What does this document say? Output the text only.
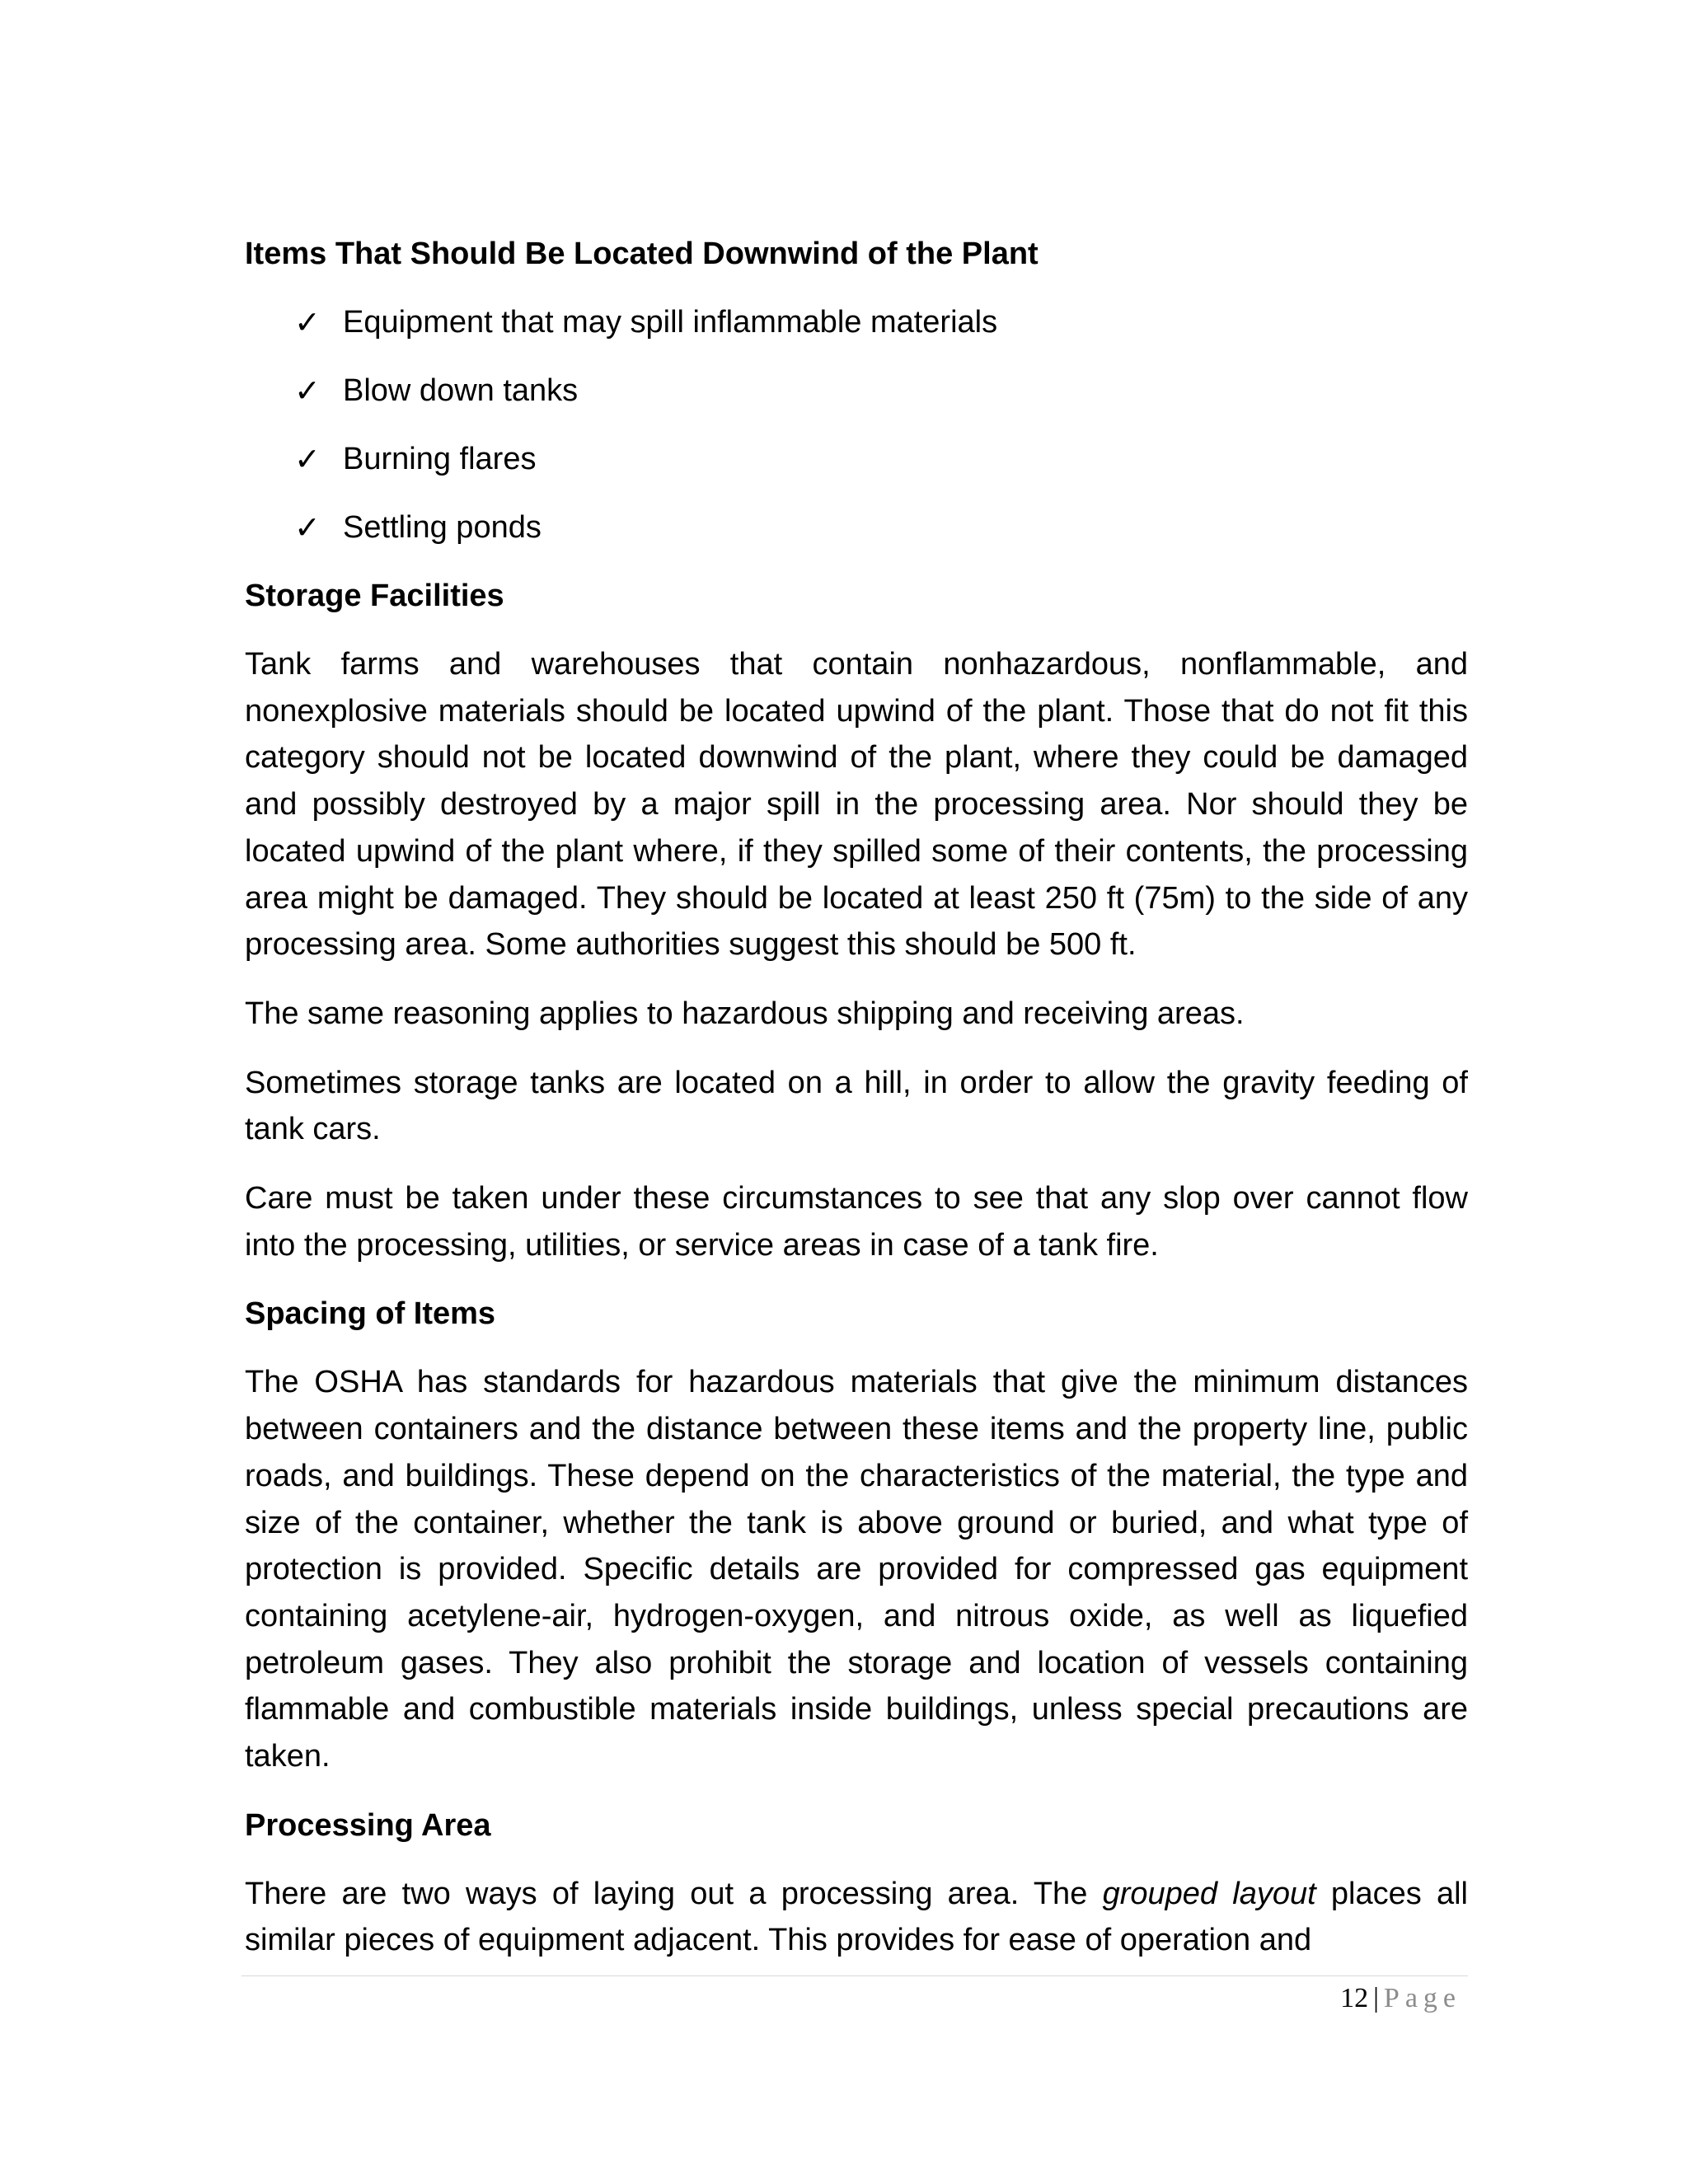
Items That Should Be Located Downwind of the Plant
✓ Equipment that may spill inflammable materials
✓ Blow down tanks
✓ Burning flares
✓ Settling ponds
Storage Facilities

Tank farms and warehouses that contain nonhazardous, nonflammable, and nonexplosive materials should be located upwind of the plant. Those that do not fit this category should not be located downwind of the plant, where they could be damaged and possibly destroyed by a major spill in the processing area. Nor should they be located upwind of the plant where, if they spilled some of their contents, the processing area might be damaged. They should be located at least 250 ft (75m) to the side of any processing area. Some authorities suggest this should be 500 ft.

The same reasoning applies to hazardous shipping and receiving areas.

Sometimes storage tanks are located on a hill, in order to allow the gravity feeding of tank cars.

Care must be taken under these circumstances to see that any slop over cannot flow into the processing, utilities, or service areas in case of a tank fire.

Spacing of Items

The OSHA has standards for hazardous materials that give the minimum distances between containers and the distance between these items and the property line, public roads, and buildings. These depend on the characteristics of the material, the type and size of the container, whether the tank is above ground or buried, and what type of protection is provided. Specific details are provided for compressed gas equipment containing acetylene-air, hydrogen-oxygen, and nitrous oxide, as well as liquefied petroleum gases. They also prohibit the storage and location of vessels containing flammable and combustible materials inside buildings, unless special precautions are taken.

Processing Area

There are two ways of laying out a processing area. The grouped layout places all similar pieces of equipment adjacent. This provides for ease of operation and

12 | Page
